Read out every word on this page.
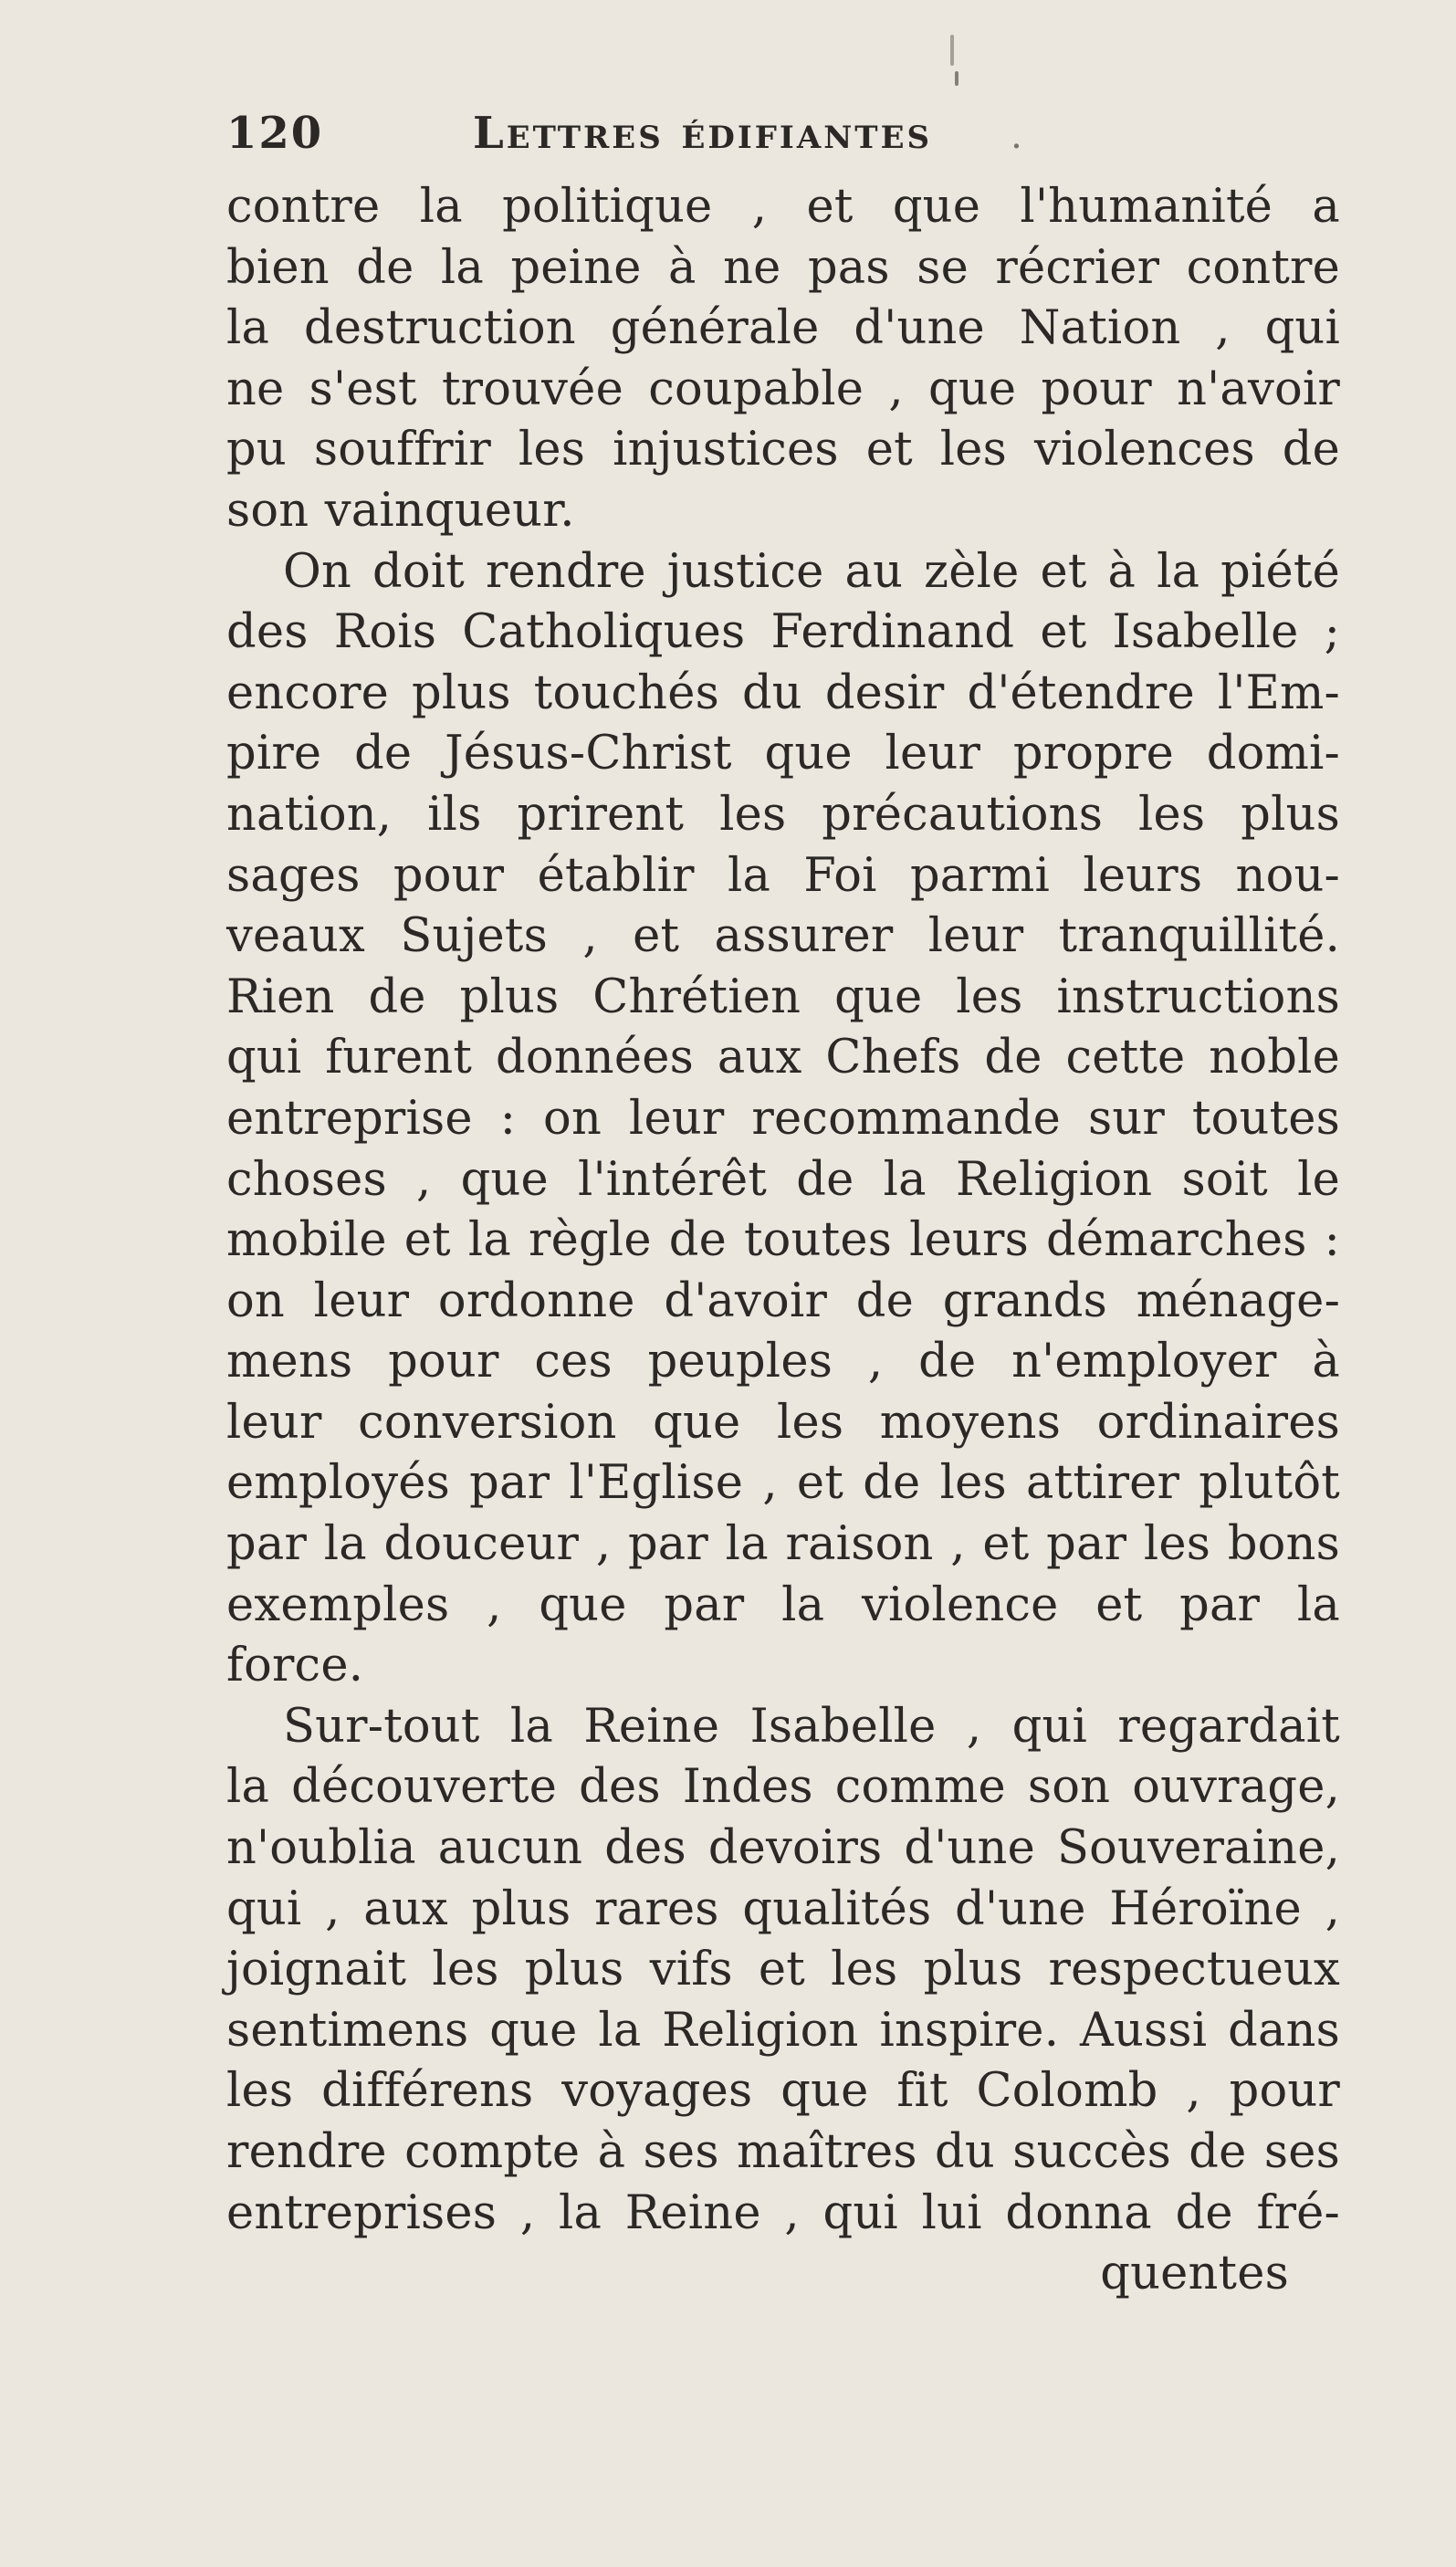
120	Lettres édifiantes .
contre la politique , et que l'humanité a
bien de la peine à ne pas se récrier contre
la destruction générale d'une Nation , qui
ne s'est trouvée coupable , que pour n'avoir
pu souffrir les injustices et les violences de
son vainqueur.
On doit rendre justice au zèle et à la piété
des Rois Catholiques Ferdinand et Isabelle ;
encore plus touchés du desir d'étendre l'Em-
pire de Jésus-Christ que leur propre domi-
nation, ils prirent les précautions les plus
sages pour établir la Foi parmi leurs nou-
veaux Sujets , et assurer leur tranquillité.
Rien de plus Chrétien que les instructions
qui furent données aux Chefs de cette noble
entreprise : on leur recommande sur toutes
choses , que l'intérêt de la Religion soit le
mobile et la règle de toutes leurs démarches :
on leur ordonne d'avoir de grands ménage-
mens pour ces peuples , de n'employer à
leur conversion que les moyens ordinaires
employés par l'Eglise , et de les attirer plutôt
par la douceur , par la raison , et par les bons
exemples , que par la violence et par la
force.
Sur-tout la Reine Isabelle , qui regardait
la découverte des Indes comme son ouvrage,
n'oublia aucun des devoirs d'une Souveraine,
qui , aux plus rares qualités d'une Héroïne ,
joignait les plus vifs et les plus respectueux
sentimens que la Religion inspire. Aussi dans
les différens voyages que fit Colomb , pour
rendre compte à ses maîtres du succès de ses
entreprises , la Reine , qui lui donna de fré-
quentes
